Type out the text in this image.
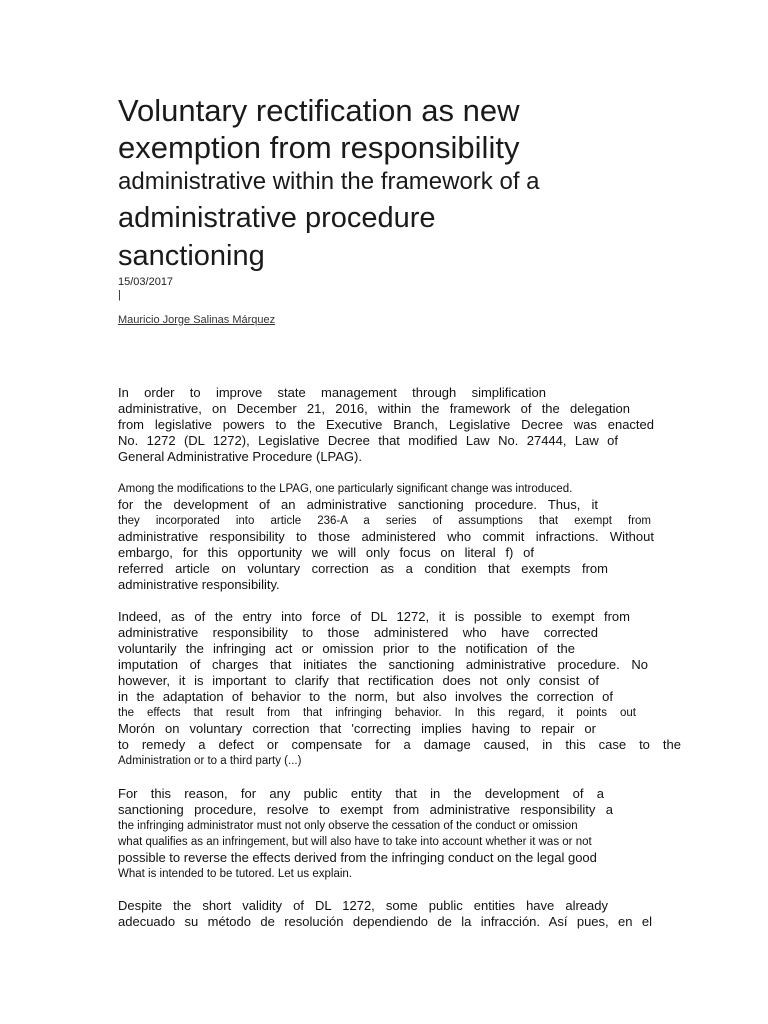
Voluntary rectification as new
exemption from responsibility
administrative within the framework of a
administrative procedure
sanctioning
15/03/2017
|
Mauricio Jorge Salinas Márquez
In order to improve state management through simplification
administrative, on December 21, 2016, within the framework of the delegation
from legislative powers to the Executive Branch, Legislative Decree was enacted
No. 1272 (DL 1272), Legislative Decree that modified Law No. 27444, Law of
General Administrative Procedure (LPAG).
Among the modifications to the LPAG, one particularly significant change was introduced.
for the development of an administrative sanctioning procedure. Thus, it
they incorporated into article 236-A a series of assumptions that exempt from
administrative responsibility to those administered who commit infractions. Without
embargo, for this opportunity we will only focus on literal f) of
referred article on voluntary correction as a condition that exempts from
administrative responsibility.
Indeed, as of the entry into force of DL 1272, it is possible to exempt from
administrative responsibility to those administered who have corrected
voluntarily the infringing act or omission prior to the notification of the
imputation of charges that initiates the sanctioning administrative procedure. No
however, it is important to clarify that rectification does not only consist of
in the adaptation of behavior to the norm, but also involves the correction of
the effects that result from that infringing behavior. In this regard, it points out
Morón on voluntary correction that 'correcting implies having to repair or
to remedy a defect or compensate for a damage caused, in this case to the
Administration or to a third party (...)
For this reason, for any public entity that in the development of a
sanctioning procedure, resolve to exempt from administrative responsibility a
the infringing administrator must not only observe the cessation of the conduct or omission
what qualifies as an infringement, but will also have to take into account whether it was or not
possible to reverse the effects derived from the infringing conduct on the legal good
What is intended to be tutored. Let us explain.
Despite the short validity of DL 1272, some public entities have already
adecuado su método de resolución dependiendo de la infracción. Así pues, en el
